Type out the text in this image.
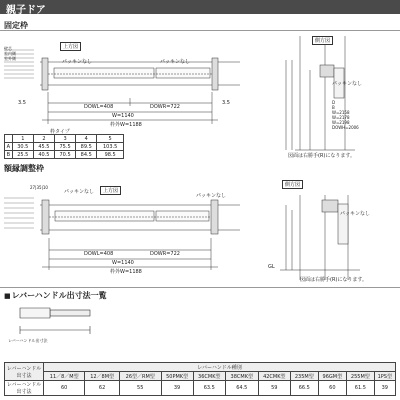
親子ドア
固定枠
上方図
側方図
パッキンなし	パッキンなし
パッキンなし
壁芯
室内側
室外側
3.5	3.5
DOWL=408	DOWR=722
W=1140
枠外W=1188
D
B
W=2158
W=2178
W=2198
DOWH=2006
図面は右勝手(R)になります。
枠タイプ
	1	2	3	4	5
A	30.5	45.5	75.5	89.5	103.5
B	25.5	40.5	70.5	84.5	98.5
額縁調整枠
上方図
側方図
パッキンなし
パッキンなし
パッキンなし
27|35|10
DOWL=408	DOWR=722
W=1140
枠外W=1188
GL
図面は右勝手(R)になります。
■ レバーハンドル出寸法一覧
レバーハンドル出寸法
レバーハンドル出寸法	レバーハンドル種別										
	11／8／M型	12／8M型	26型／RM型	50PMK型	36CMK型	38CMK型	42CMK型	235M型	96GM型	255M型	1PS型
レバーハンドル出寸法	60	62	55	39	63.5	64.5	59	66.5	60	61.5	39
